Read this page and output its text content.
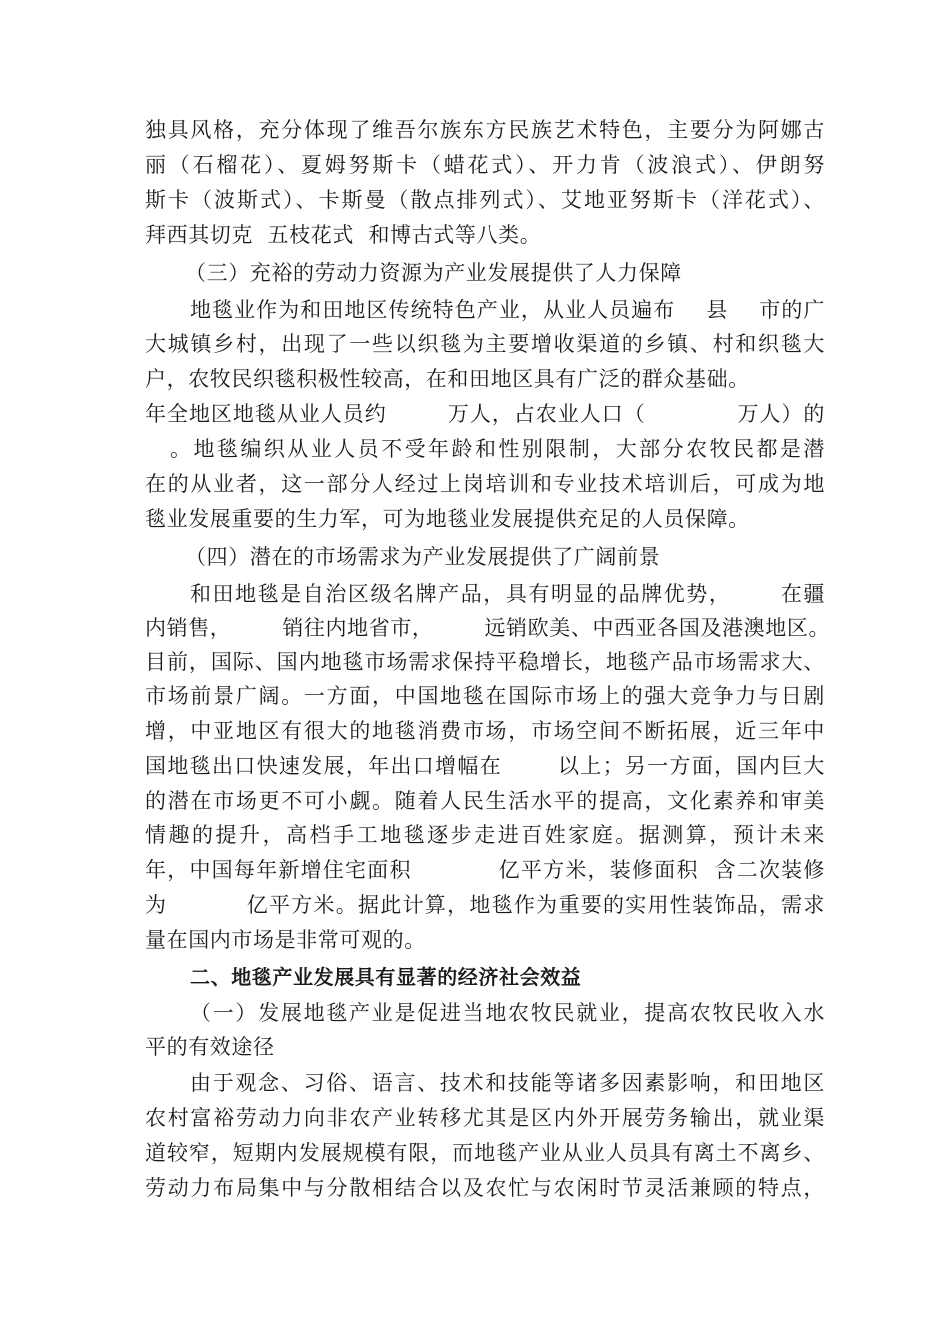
独具风格，充分体现了维吾尔族东方民族艺术特色，主要分为阿娜古
丽（石榴花）、夏姆努斯卡（蜡花式）、开力肯（波浪式）、伊朗努
斯卡（波斯式）、卡斯曼（散点排列式）、艾地亚努斯卡（洋花式）、
拜西其切克  五枝花式  和博古式等八类。
（三）充裕的劳动力资源为产业发展提供了人力保障
地毯业作为和田地区传统特色产业，从业人员遍布    县    市的广
大城镇乡村，出现了一些以织毯为主要增收渠道的乡镇、村和织毯大
户，农牧民织毯积极性较高，在和田地区具有广泛的群众基础。
年全地区地毯从业人员约        万人，占农业人口（            万人）的
。地毯编织从业人员不受年龄和性别限制，大部分农牧民都是潜
在的从业者，这一部分人经过上岗培训和专业技术培训后，可成为地
毯业发展重要的生力军，可为地毯业发展提供充足的人员保障。
（四）潜在的市场需求为产业发展提供了广阔前景
和田地毯是自治区级名牌产品，具有明显的品牌优势，      在疆
内销售，       销往内地省市，       远销欧美、中西亚各国及港澳地区。
目前，国际、国内地毯市场需求保持平稳增长，地毯产品市场需求大、
市场前景广阔。一方面，中国地毯在国际市场上的强大竞争力与日剧
增，中亚地区有很大的地毯消费市场，市场空间不断拓展，近三年中
国地毯出口快速发展，年出口增幅在       以上；另一方面，国内巨大
的潜在市场更不可小觑。随着人民生活水平的提高，文化素养和审美
情趣的提升，高档手工地毯逐步走进百姓家庭。据测算，预计未来
年，中国每年新增住宅面积           亿平方米，装修面积  含二次装修
为          亿平方米。据此计算，地毯作为重要的实用性装饰品，需求
量在国内市场是非常可观的。
二、地毯产业发展具有显著的经济社会效益
（一）发展地毯产业是促进当地农牧民就业，提高农牧民收入水
平的有效途径
由于观念、习俗、语言、技术和技能等诸多因素影响，和田地区
农村富裕劳动力向非农产业转移尤其是区内外开展劳务输出，就业渠
道较窄，短期内发展规模有限，而地毯产业从业人员具有离土不离乡、
劳动力布局集中与分散相结合以及农忙与农闲时节灵活兼顾的特点，
